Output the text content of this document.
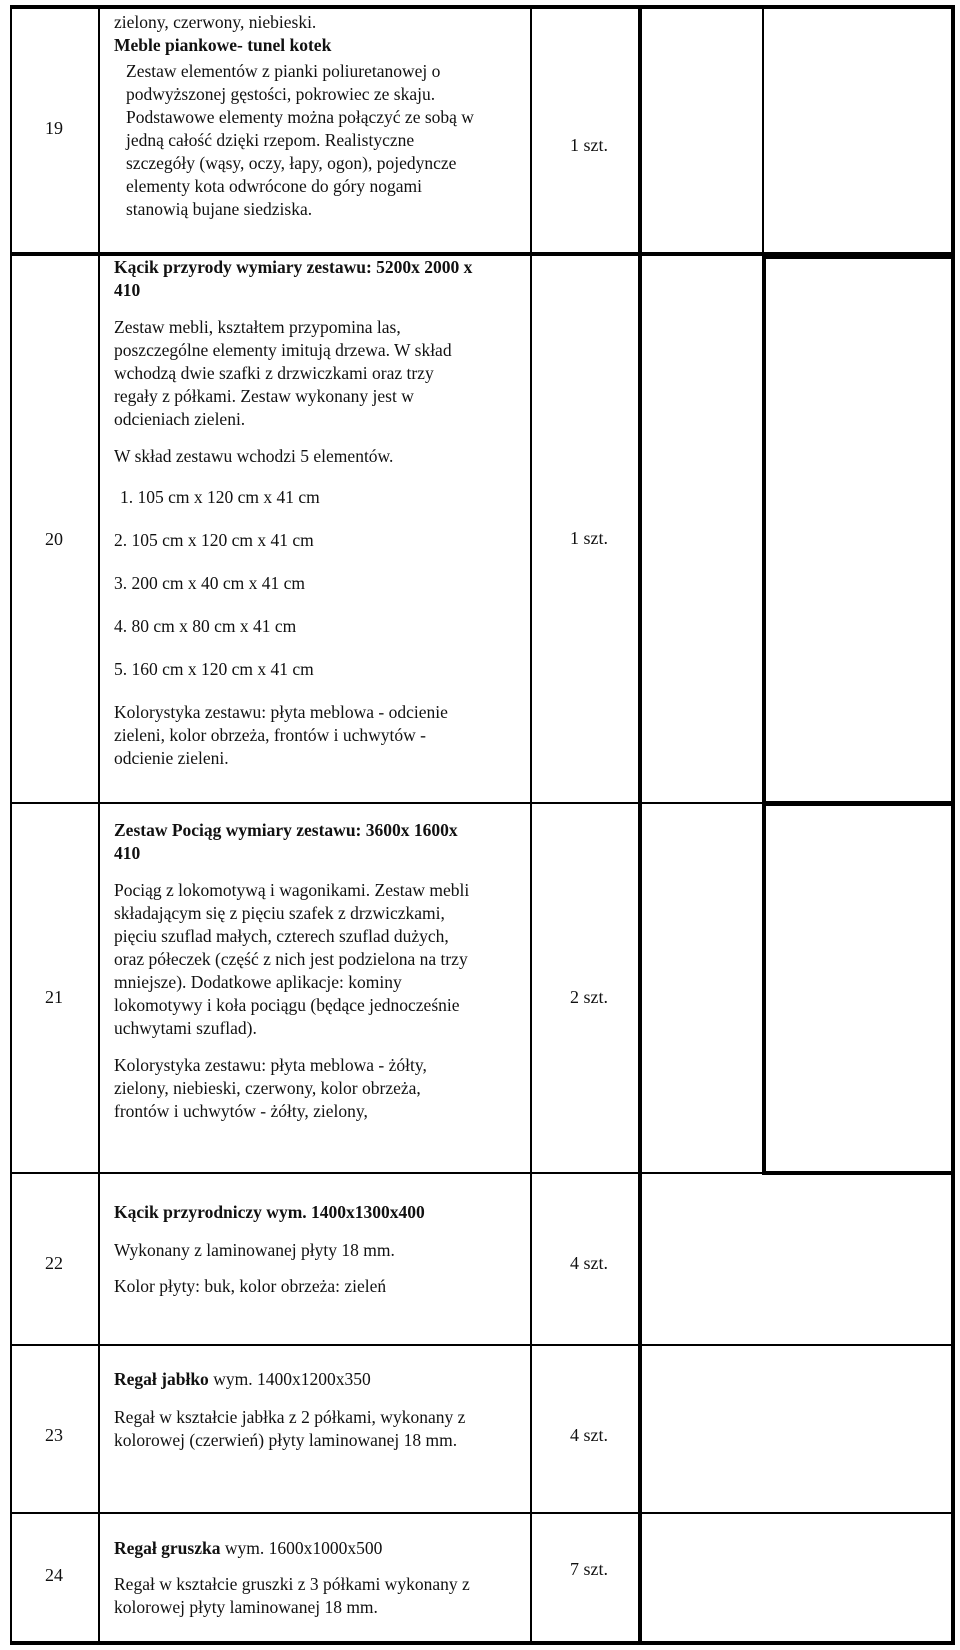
19

zielony, czerwony, niebieski.

Meble piankowe- tunel kotek

Zestaw elementów z pianki poliuretanowej o

podwyższonej gęstości, pokrowiec ze skaju.

Podstawowe elementy można połączyć ze sobą w

jedną całość dzięki rzepom. Realistyczne

szczegóły (wąsy, oczy, łapy, ogon), pojedyncze

elementy kota odwrócone do góry nogami

stanowią bujane siedziska.

1 szt.
20

Kącik przyrody wymiary zestawu: 5200x 2000 x

410

Zestaw mebli, kształtem przypomina las,

poszczególne elementy imitują drzewa. W skład

wchodzą dwie szafki z drzwiczkami oraz trzy

regały z półkami. Zestaw wykonany jest w

odcieniach zieleni.

W skład zestawu wchodzi 5 elementów.

1. 105 cm x 120 cm x 41 cm

2. 105 cm x 120 cm x 41 cm

3. 200 cm x 40 cm x 41 cm

4. 80 cm x 80 cm x 41 cm

5. 160 cm x 120 cm x 41 cm

Kolorystyka zestawu: płyta meblowa - odcienie

zieleni, kolor obrzeża, frontów i uchwytów -

odcienie zieleni.

1 szt.
21

Zestaw Pociąg wymiary zestawu: 3600x 1600x

410

Pociąg z lokomotywą i wagonikami. Zestaw mebli

składającym się z pięciu szafek z drzwiczkami,

pięciu szuflad małych, czterech szuflad dużych,

oraz półeczek (część z nich jest podzielona na trzy

mniejsze). Dodatkowe aplikacje: kominy

lokomotywy i koła pociągu (będące jednocześnie

uchwytami szuflad).

Kolorystyka zestawu: płyta meblowa - żółty,

zielony, niebieski, czerwony, kolor obrzeża,

frontów i uchwytów - żółty, zielony,

2 szt.
22

Kącik przyrodniczy wym. 1400x1300x400

Wykonany z laminowanej płyty 18 mm.

Kolor płyty: buk, kolor obrzeża: zieleń

4 szt.
23

Regał jabłko wym. 1400x1200x350

Regał w kształcie jabłka z 2 półkami, wykonany z

kolorowej (czerwień) płyty laminowanej 18 mm.	4 szt.
24

Regał gruszka wym. 1600x1000x500

Regał w kształcie gruszki z 3 półkami wykonany z

kolorowej płyty laminowanej 18 mm.

7 szt.
